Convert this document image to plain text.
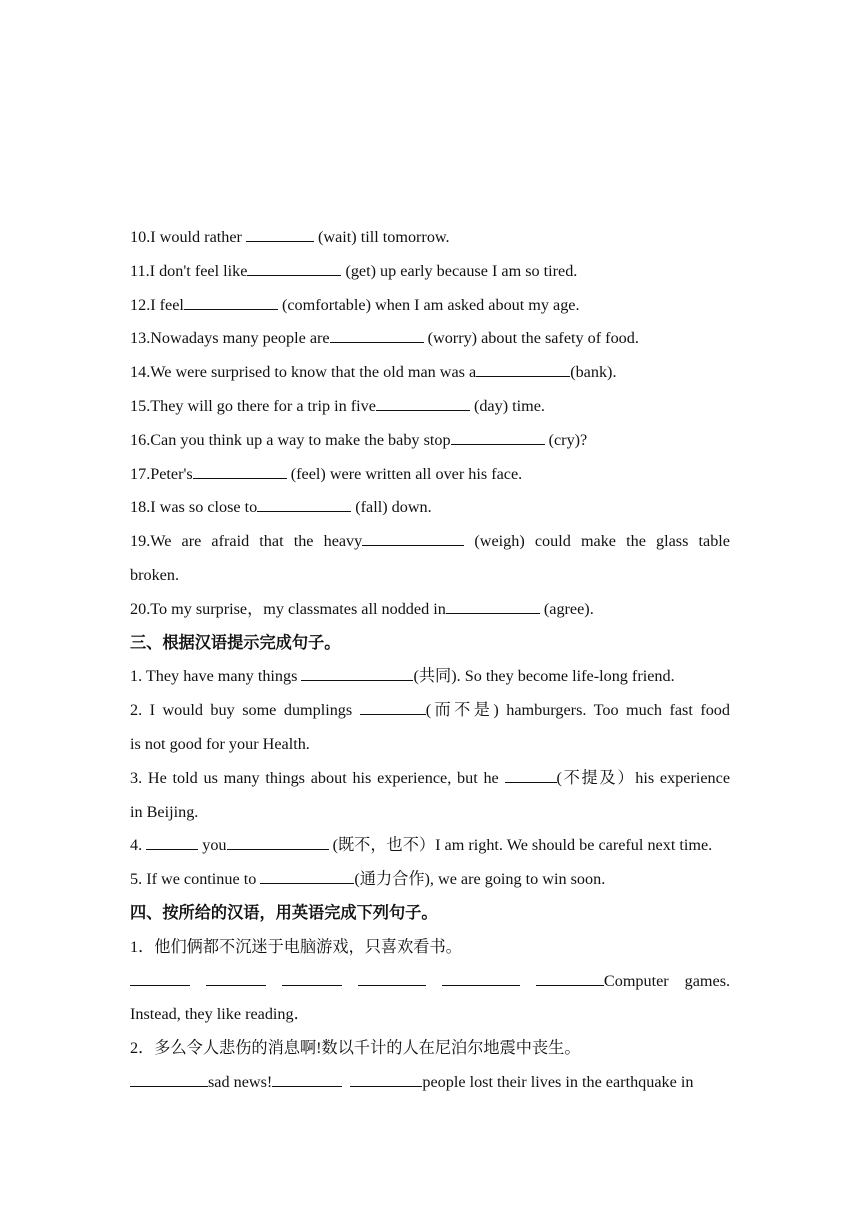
10.I would rather	(wait) till tomorrow.
11.I don't feel like	(get) up early because I am so tired.
12.I feel	(comfortable) when I am asked about my age.
13.Nowadays many people are	(worry) about the safety of food.
14.We were surprised to know that the old man was a	(bank).
15.They will go there for a trip in five	(day) time.
16.Can you think up a way to make the baby stop	(cry)?
17.Peter's	(feel) were written all over his face.
18.I was so close to	(fall) down.
19.We are afraid that the heavy	(weigh) could make the glass table
broken.
20.To my surprise，my classmates all nodded in	(agree).
三、根据汉语提示完成句子。
1. They have many things	(共同). So they become life-long friend.
2. I would buy some dumplings	(而不是) hamburgers. Too much fast food
is not good for your Health.
3. He told us many things about his experience, but he	(不提及）his experience
in Beijing.
4.	you	(既不，也不）I am right. We should be careful next time.
5. If we continue to	(通力合作), we are going to win soon.
四、按所给的汉语，用英语完成下列句子。
1．他们俩都不沉迷于电脑游戏，只喜欢看书。
Computer games.
Instead, they like reading．
2．多么令人悲伤的消息啊!数以千计的人在尼泊尔地震中丧生。
sad news!	people lost their lives in the earthquake in
